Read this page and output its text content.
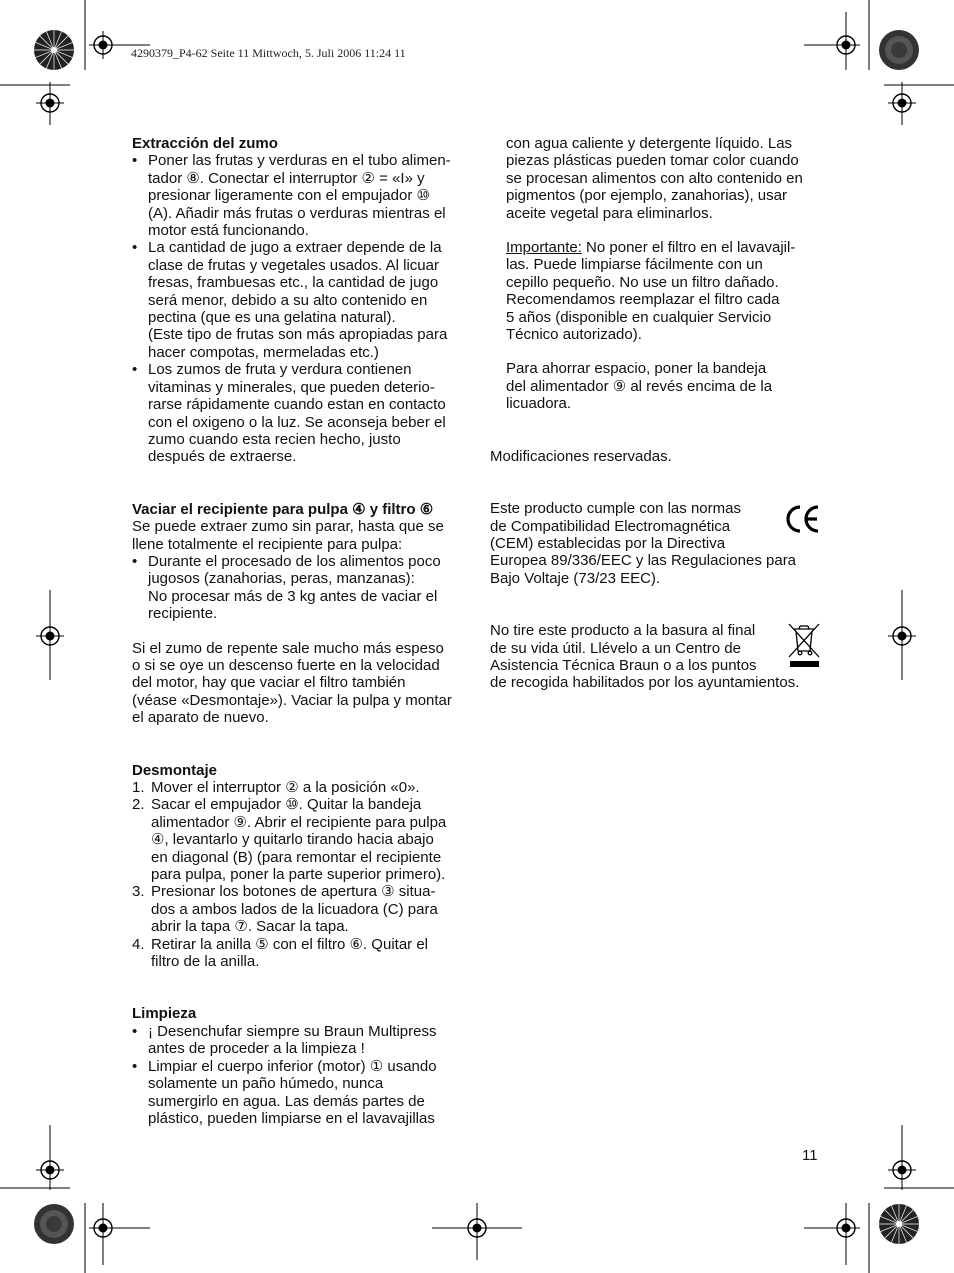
4290379_P4-62 Seite 11 Mittwoch, 5. Juli 2006 11:24 11
Extracción del zumo
• Poner las frutas y verduras en el tubo alimen-
tador ⑧. Conectar el interruptor ② = «I» y
presionar ligeramente con el empujador ⑩
(A). Añadir más frutas o verduras mientras el
motor está funcionando.
• La cantidad de jugo a extraer depende de la
clase de frutas y vegetales usados. Al licuar
fresas, frambuesas etc., la cantidad de jugo
será menor, debido a su alto contenido en
pectina (que es una gelatina natural).
(Este tipo de frutas son más apropiadas para
hacer compotas, mermeladas etc.)
• Los zumos de fruta y verdura contienen
vitaminas y minerales, que pueden deterio-
rarse rápidamente cuando estan en contacto
con el oxigeno o la luz. Se aconseja beber el
zumo cuando esta recien hecho, justo
después de extraerse.
Vaciar el recipiente para pulpa ④ y filtro ⑥

Se puede extraer zumo sin parar, hasta que se
llene totalmente el recipiente para pulpa:

• Durante el procesado de los alimentos poco
jugosos (zanahorias, peras, manzanas):
No procesar más de 3 kg antes de vaciar el
recipiente.

Si el zumo de repente sale mucho más espeso
o si se oye un descenso fuerte en la velocidad
del motor, hay que vaciar el filtro también
(véase «Desmontaje»). Vaciar la pulpa y montar
el aparato de nuevo.

Desmontaje
1. Mover el interruptor ② a la posición «0».
2. Sacar el empujador ⑩. Quitar la bandeja
alimentador ⑨. Abrir el recipiente para pulpa
④, levantarlo y quitarlo tirando hacia abajo
en diagonal (B) (para remontar el recipiente
para pulpa, poner la parte superior primero).
3. Presionar los botones de apertura ③ situa-
dos a ambos lados de la licuadora (C) para
abrir la tapa ⑦. Sacar la tapa.
4. Retirar la anilla ⑤ con el filtro ⑥. Quitar el
filtro de la anilla.
Limpieza
• ¡ Desenchufar siempre su Braun Multipress
antes de proceder a la limpieza !
• Limpiar el cuerpo inferior (motor) ① usando
solamente un paño húmedo, nunca
sumergirlo en agua. Las demás partes de
plástico, pueden limpiarse en el lavavajillas

con agua caliente y detergente líquido. Las
piezas plásticas pueden tomar color cuando
se procesan alimentos con alto contenido en
pigmentos (por ejemplo, zanahorias), usar
aceite vegetal para eliminarlos.

Importante: No poner el filtro en el lavavajil-
las. Puede limpiarse fácilmente con un
cepillo pequeño. No use un filtro dañado.
Recomendamos reemplazar el filtro cada
5 años (disponible en cualquier Servicio
Técnico autorizado).

Para ahorrar espacio, poner la bandeja
del alimentador ⑨ al revés encima de la
licuadora.

Modificaciones reservadas.

Este producto cumple con las normas
de Compatibilidad Electromagnética
(CEM) establecidas por la Directiva
Europea 89/336/EEC y las Regulaciones para
Bajo Voltaje (73/23 EEC).

No tire este producto a la basura al final
de su vida útil. Llévelo a un Centro de
Asistencia Técnica Braun o a los puntos
de recogida habilitados por los ayuntamientos.

11
